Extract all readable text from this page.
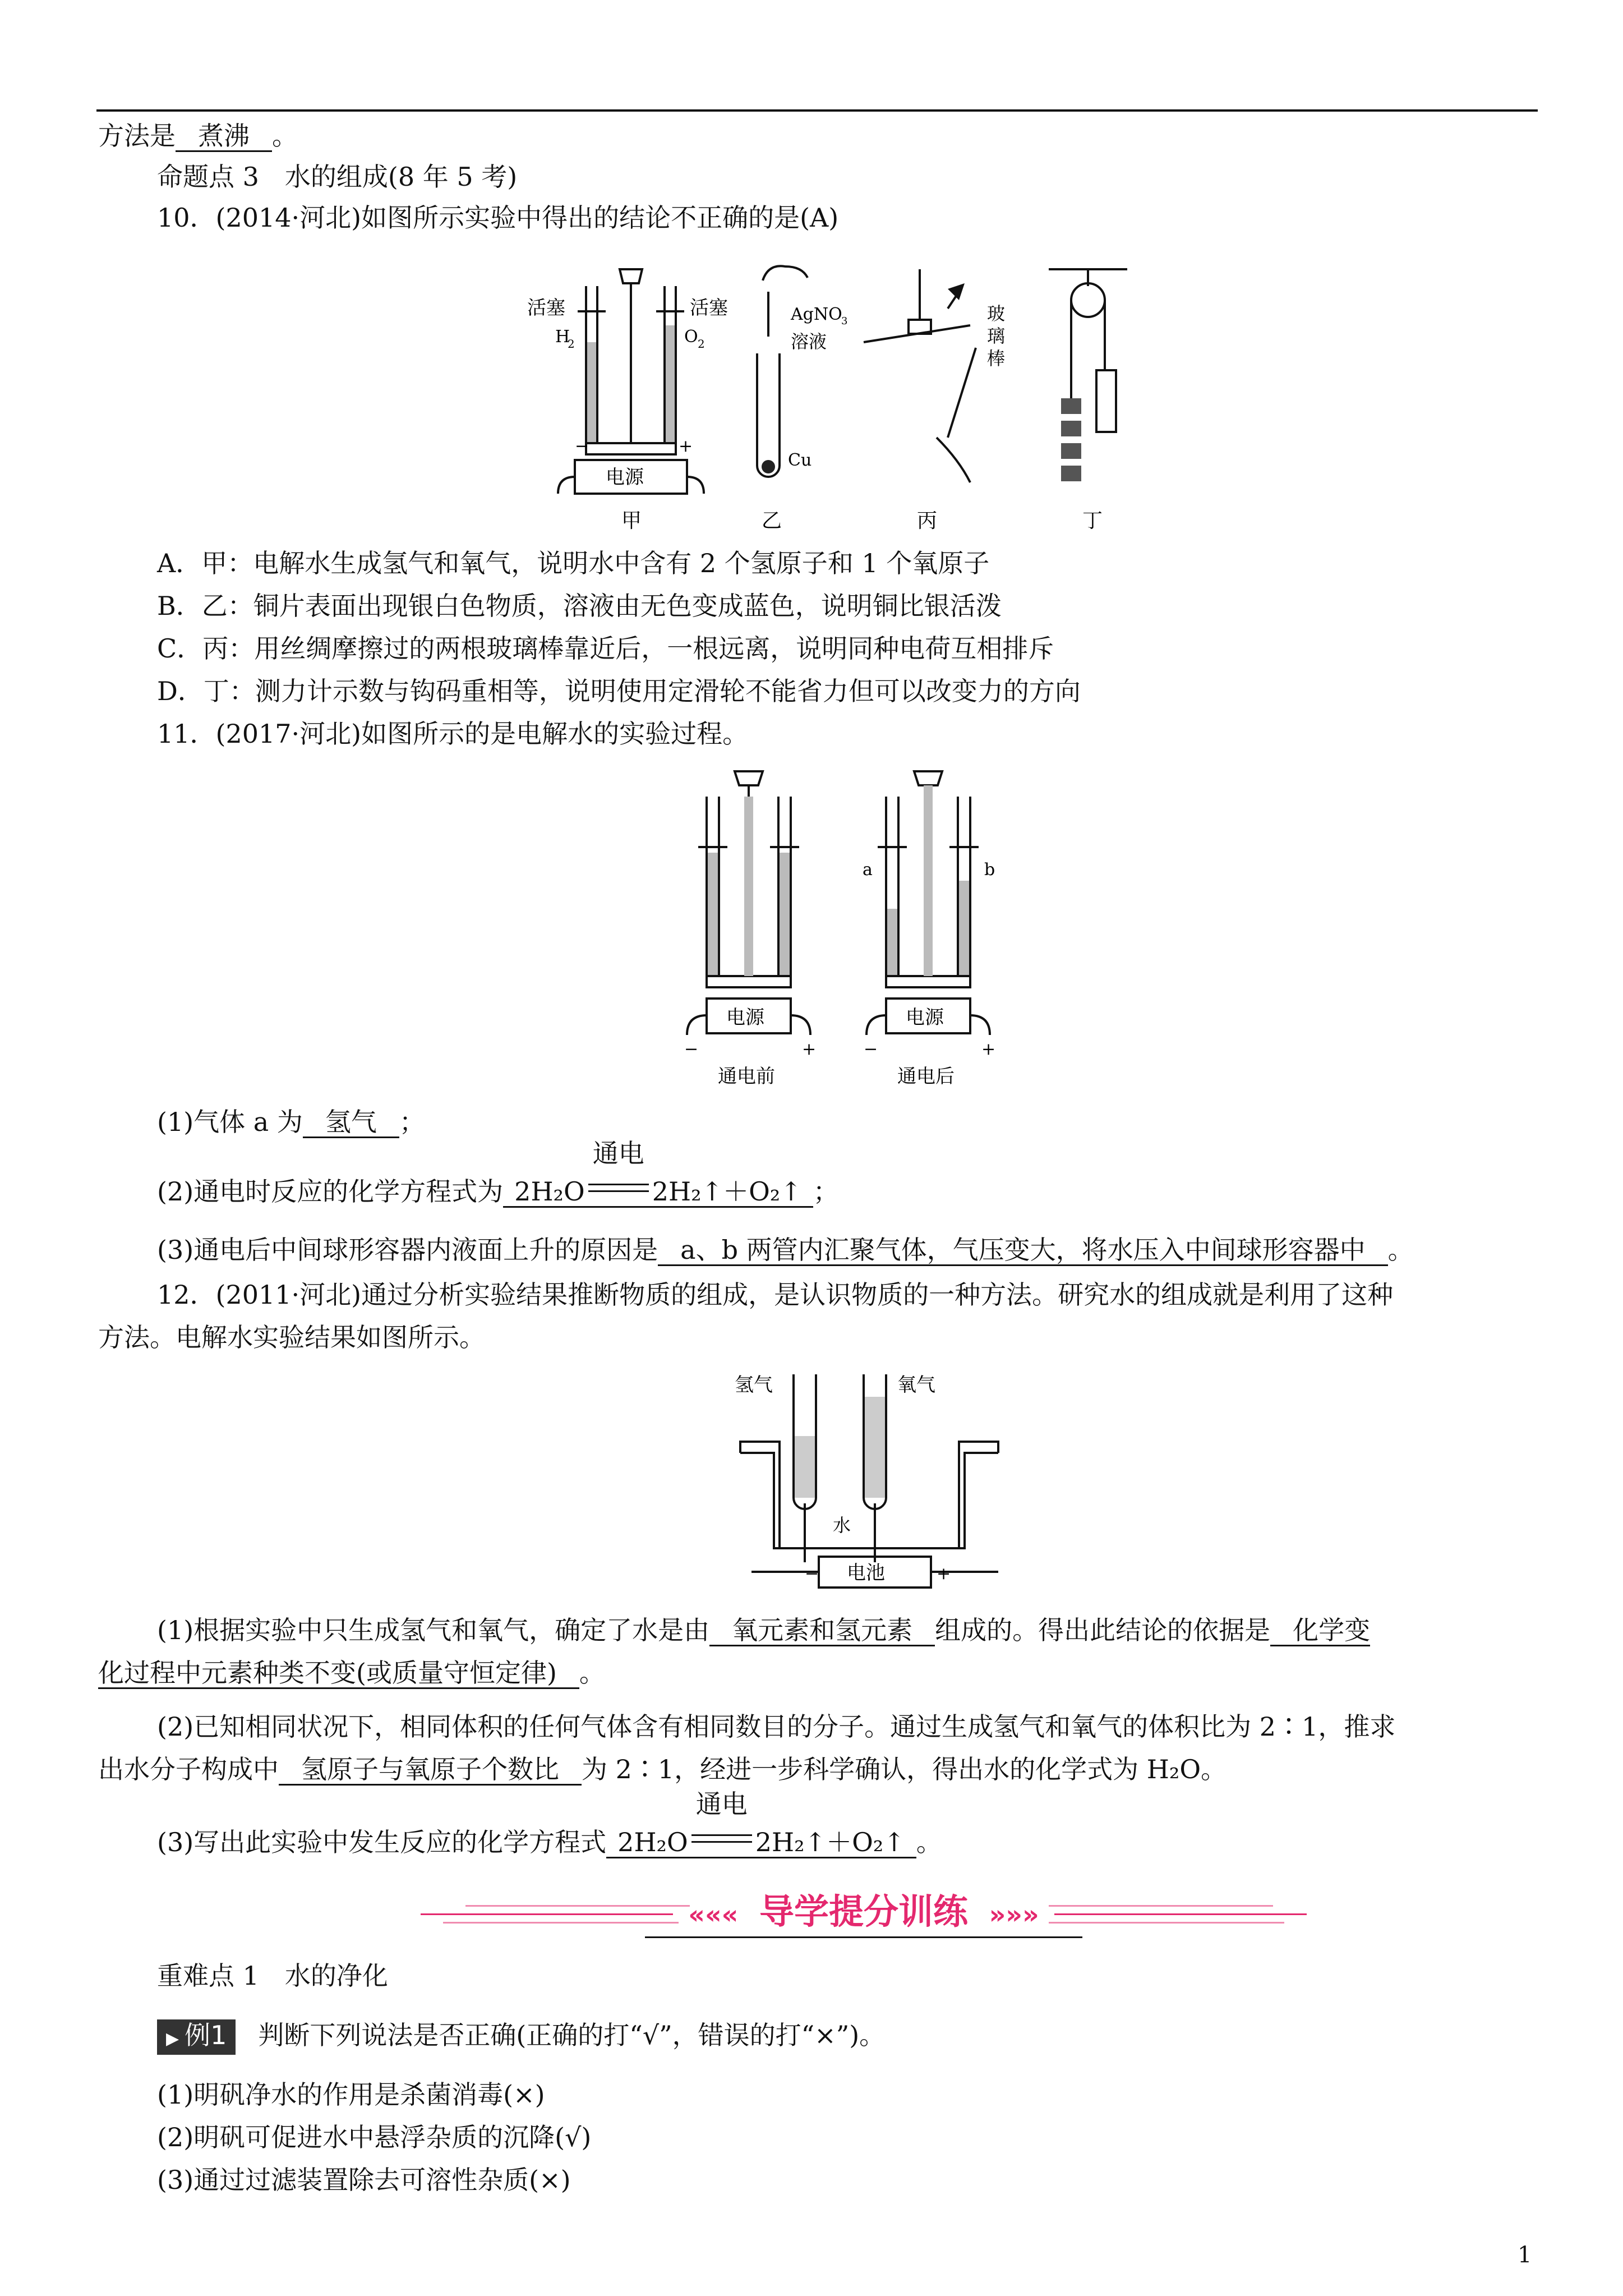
方法是 煮沸 。
命题点 3　水的组成(8 年 5 考)
10．(2014·河北)如图所示实验中得出的结论不正确的是(A)
活塞	活塞
H
2	O 2
电源
−	+
甲
AgNO
3
溶液
Cu
乙
玻
璃
棒
丙	丁
A．甲：电解水生成氢气和氧气，说明水中含有 2 个氢原子和 1 个氧原子
B．乙：铜片表面出现银白色物质，溶液由无色变成蓝色，说明铜比银活泼
C．丙：用丝绸摩擦过的两根玻璃棒靠近后，一根远离，说明同种电荷互相排斥
D．丁：测力计示数与钩码重相等，说明使用定滑轮不能省力但可以改变力的方向
11．(2017·河北)如图所示的是电解水的实验过程。
电源
−	+
通电前
a	b
电源
−	+
通电后
(1)气体 a 为 氢气 ；
(2)通电时反应的化学方程式为 2H₂O
通电
2H₂↑＋O₂↑ ；
(3)通电后中间球形容器内液面上升的原因是 a、b 两管内汇聚气体，气压变大，将水压入中间球形容器中 。
12．(2011·河北)通过分析实验结果推断物质的组成，是认识物质的一种方法。研究水的组成就是利用了这种
方法。电解水实验结果如图所示。
氢气	氧气
水
电池
−	+
(1)根据实验中只生成氢气和氧气，确定了水是由 氧元素和氢元素 组成的。得出此结论的依据是 化学变
化过程中元素种类不变(或质量守恒定律) 。
(2)已知相同状况下，相同体积的任何气体含有相同数目的分子。通过生成氢气和氧气的体积比为 2∶1，推求
出水分子构成中 氢原子与氧原子个数比 为 2∶1，经进一步科学确认，得出水的化学式为 H₂O。
(3)写出此实验中发生反应的化学方程式 2H₂O
通电
2H₂↑＋O₂↑ 。
««« 导学提分训练 »»»
重难点 1　水的净化
▶ 例1 判断下列说法是否正确(正确的打“√”，错误的打“×”)。
(1)明矾净水的作用是杀菌消毒(×)
(2)明矾可促进水中悬浮杂质的沉降(√)
(3)通过过滤装置除去可溶性杂质(×)
1
